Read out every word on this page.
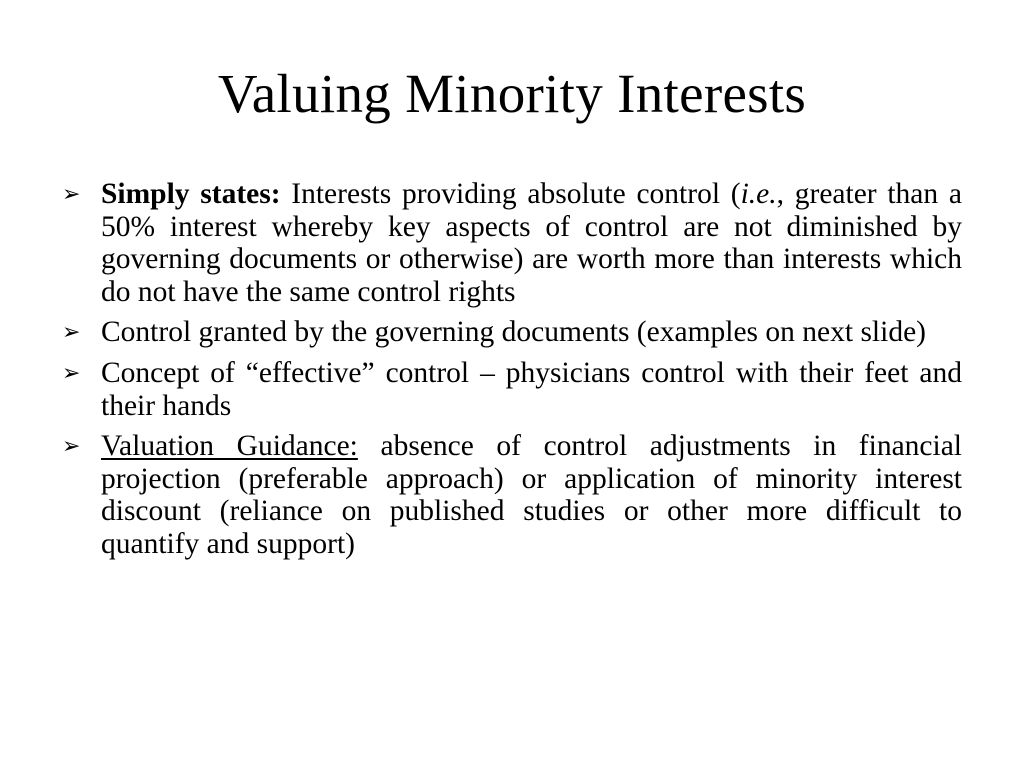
Valuing Minority Interests
➢ Simply states: Interests providing absolute control (i.e., greater than a 50% interest whereby key aspects of control are not diminished by governing documents or otherwise) are worth more than interests which do not have the same control rights
➢ Control granted by the governing documents (examples on next slide)
➢ Concept of “effective” control – physicians control with their feet and their hands
➢ Valuation Guidance: absence of control adjustments in financial projection (preferable approach) or application of minority interest discount (reliance on published studies or other more difficult to quantify and support)
